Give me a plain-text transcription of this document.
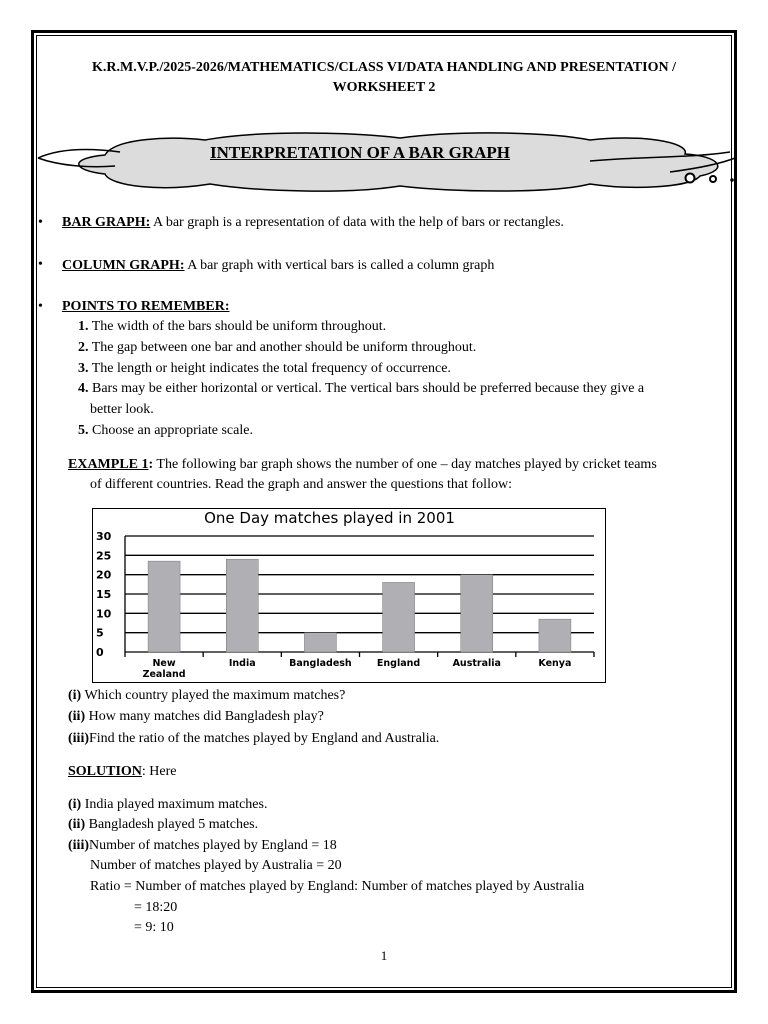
K.R.M.V.P./2025-2026/MATHEMATICS/CLASS VI/DATA HANDLING AND PRESENTATION /
WORKSHEET 2
INTERPRETATION OF A BAR GRAPH
• BAR GRAPH: A bar graph is a representation of data with the help of bars or rectangles.
• COLUMN GRAPH: A bar graph with vertical bars is called a column graph
• POINTS TO REMEMBER:
1. The width of the bars should be uniform throughout.
2. The gap between one bar and another should be uniform throughout.
3. The length or height indicates the total frequency of occurrence.
4. Bars may be either horizontal or vertical. The vertical bars should be preferred because they give a
better look.
5. Choose an appropriate scale.
EXAMPLE 1: The following bar graph shows the number of one – day matches played by cricket teams
of different countries. Read the graph and answer the questions that follow:
One Day matches played in 2001
0
5
10
15
20
25
30
New
Zealand
India	Bangladesh	England	Australia	Kenya
(i) Which country played the maximum matches?
(ii) How many matches did Bangladesh play?
(iii)Find the ratio of the matches played by England and Australia.
SOLUTION: Here
(i) India played maximum matches.
(ii) Bangladesh played 5 matches.
(iii)Number of matches played by England = 18
Number of matches played by Australia = 20
Ratio = Number of matches played by England: Number of matches played by Australia
= 18:20
= 9: 10
1
